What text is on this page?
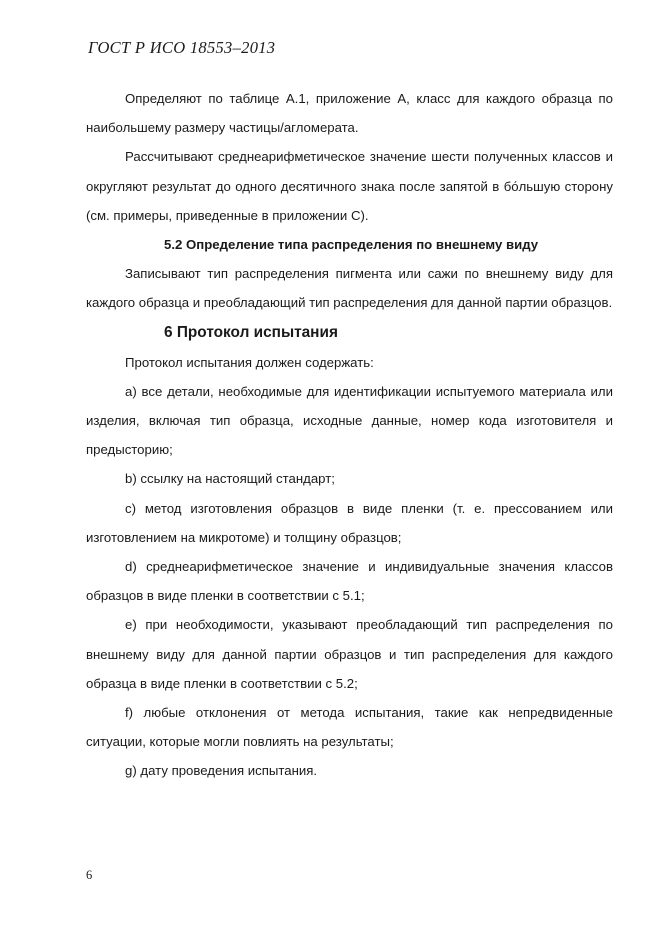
ГОСТ Р ИСО 18553–2013

Определяют по таблице А.1, приложение А, класс для каждого образца по наибольшему размеру частицы/агломерата.

Рассчитывают среднеарифметическое значение шести полученных классов и округляют результат до одного десятичного знака после запятой в бо́льшую сторону (см. примеры, приведенные в приложении С).

5.2 Определение типа распределения по внешнему виду

Записывают тип распределения пигмента или сажи по внешнему виду для каждого образца и преобладающий тип распределения для данной партии образцов.

6 Протокол испытания

Протокол испытания должен содержать:

a) все детали, необходимые для идентификации испытуемого материала или изделия, включая тип образца, исходные данные, номер кода изготовителя и предысторию;

b) ссылку на настоящий стандарт;

c) метод изготовления образцов в виде пленки (т. е. прессованием или изготовлением на микротоме) и толщину образцов;

d) среднеарифметическое значение и индивидуальные значения классов образцов в виде пленки в соответствии с 5.1;

e) при необходимости, указывают преобладающий тип распределения по внешнему виду для данной партии образцов и тип распределения для каждого образца в виде пленки в соответствии с 5.2;

f) любые отклонения от метода испытания, такие как непредвиденные ситуации, которые могли повлиять на результаты;

g) дату проведения испытания.

6
